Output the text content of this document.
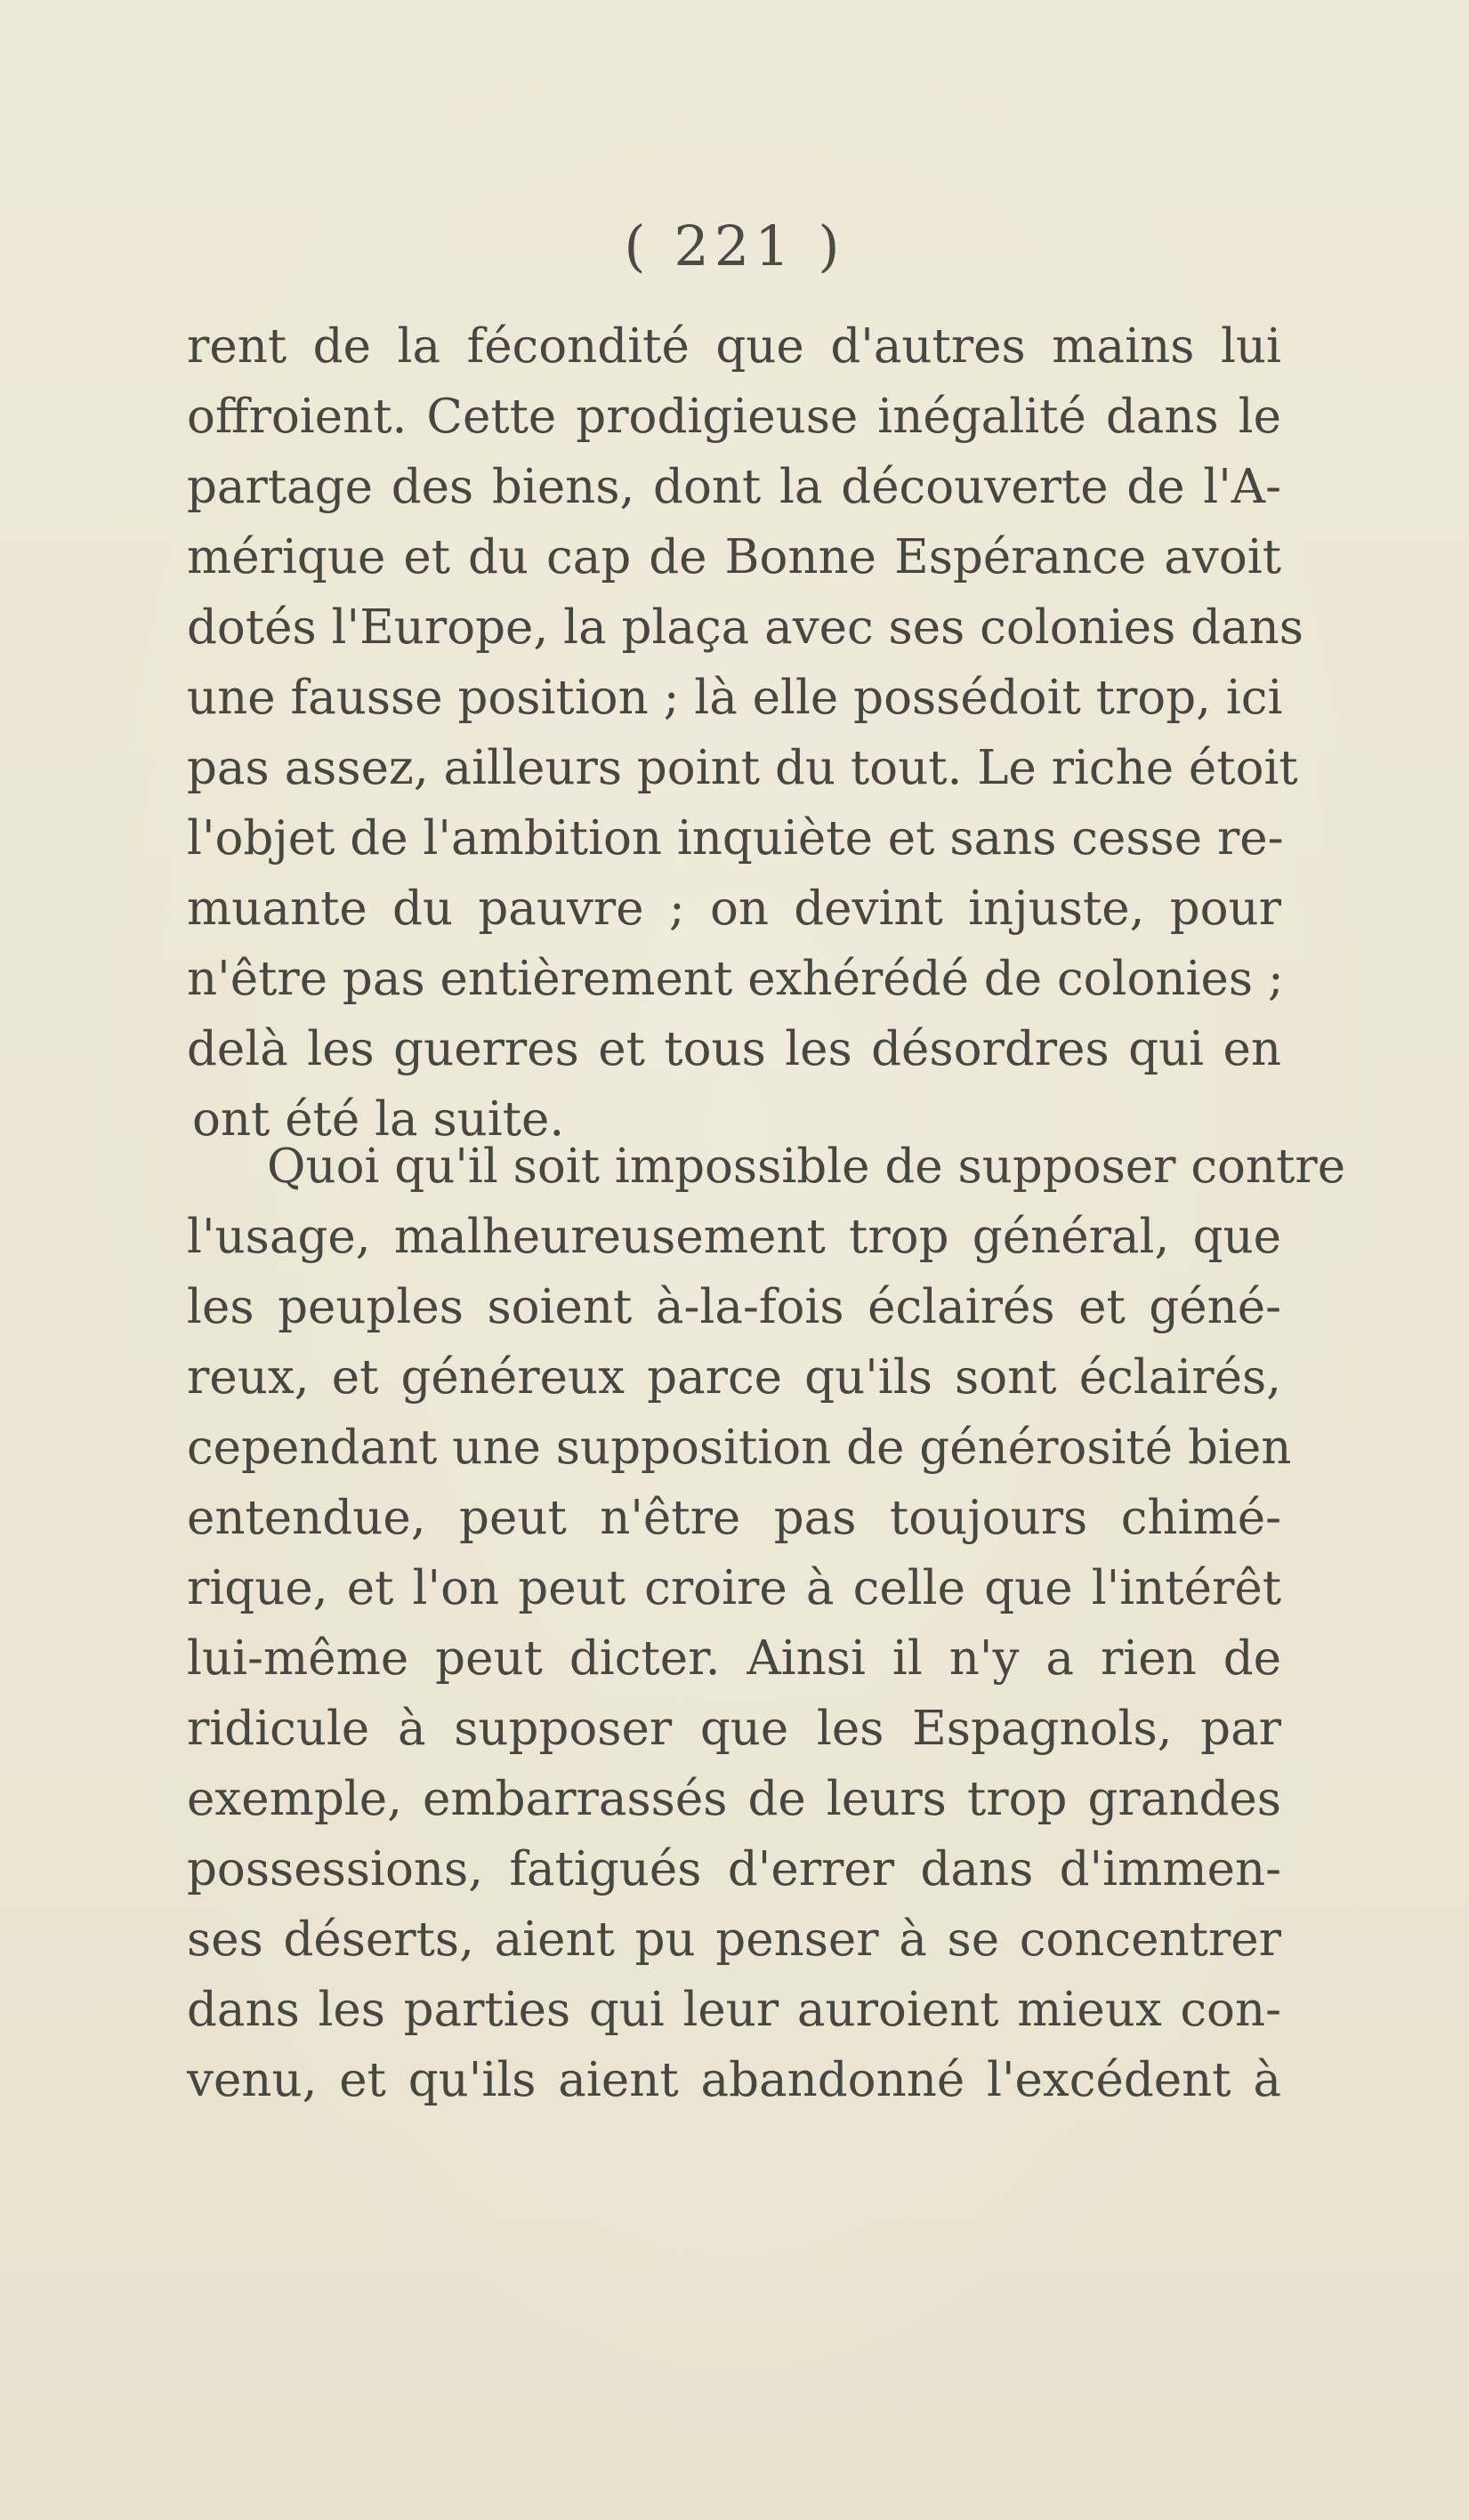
( 221 )
rent de la fécondité que d'autres mains lui
offroient. Cette prodigieuse inégalité dans le
partage des biens, dont la découverte de l'A-
mérique et du cap de Bonne Espérance avoit
dotés l'Europe, la plaça avec ses colonies dans
une fausse position ; là elle possédoit trop, ici
pas assez, ailleurs point du tout. Le riche étoit
l'objet de l'ambition inquiète et sans cesse re-
muante du pauvre ; on devint injuste, pour
n'être pas entièrement exhérédé de colonies ;
delà les guerres et tous les désordres qui en
ont été la suite.
Quoi qu'il soit impossible de supposer contre
l'usage, malheureusement trop général, que
les peuples soient à-la-fois éclairés et géné-
reux, et généreux parce qu'ils sont éclairés,
cependant une supposition de générosité bien
entendue, peut n'être pas toujours chimé-
rique, et l'on peut croire à celle que l'intérêt
lui-même peut dicter. Ainsi il n'y a rien de
ridicule à supposer que les Espagnols, par
exemple, embarrassés de leurs trop grandes
possessions, fatigués d'errer dans d'immen-
ses déserts, aient pu penser à se concentrer
dans les parties qui leur auroient mieux con-
venu, et qu'ils aient abandonné l'excédent à
